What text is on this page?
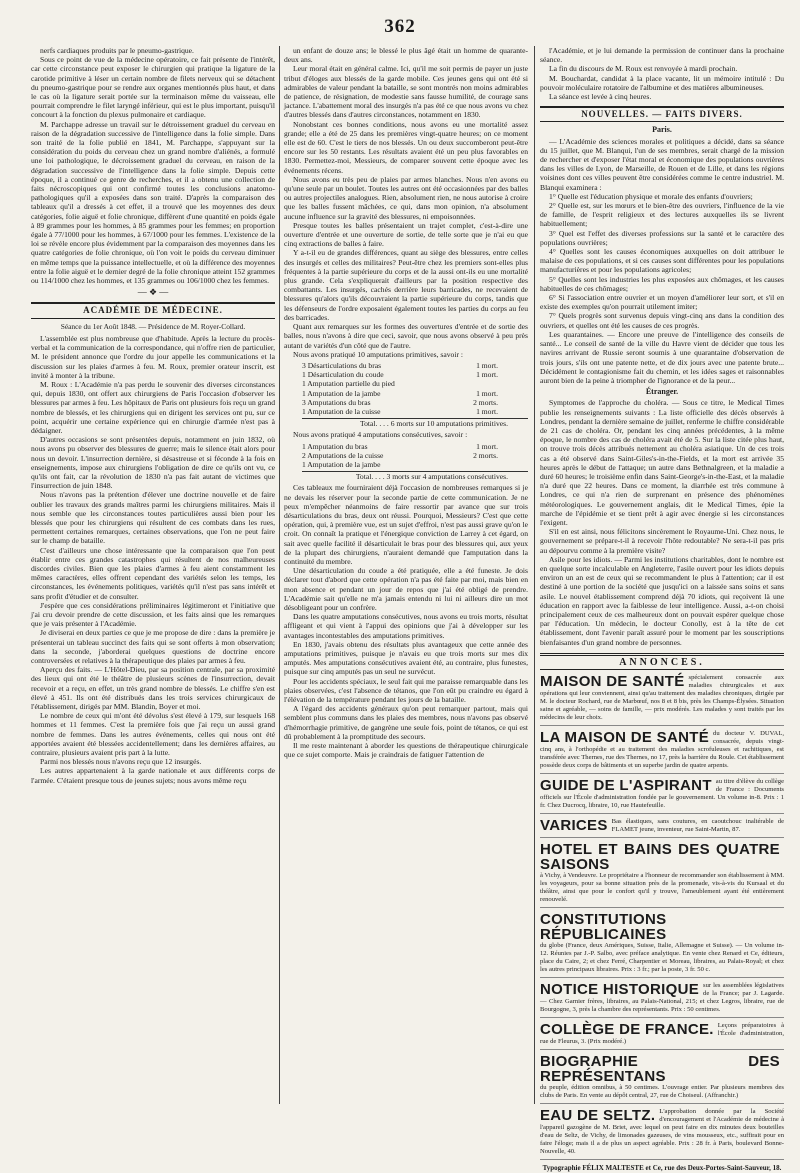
362

nerfs cardiaques produits par le pneumo-gastrique.

Sous ce point de vue de la médecine opératoire, ce fait présente de l'intérêt, car cette circonstance peut exposer le chirurgien qui pratique la ligature de la carotide primitive à léser un certain nombre de filets nerveux qui se détachent du pneumo-gastrique pour se rendre aux organes mentionnés plus haut, et dans le cas où la ligature serait portée sur la terminaison même du vaisseau, elle pourrait comprendre le filet laryngé inférieur, qui est le plus important, puisqu'il concourt à la fonction du plexus pulmonaire et cardiaque.

M. Parchappe adresse un travail sur le détroissement graduel du cerveau en raison de la dégradation successive de l'intelligence dans la folie simple. Dans son traité de la folie publié en 1841, M. Parchappe, s'appuyant sur la considération du poids du cerveau chez un grand nombre d'aliénés, a formulé une loi pathologique, le décroissement graduel du cerveau, en raison de la dégradation successive de l'intelligence dans la folie simple. Depuis cette époque, il a continué ce genre de recherches, et il a obtenu une collection de faits nécroscopiques qui ont confirmé toutes les conclusions anatomo-pathologiques qu'il a exposées dans son traité. D'après la comparaison des tableaux qu'il a dressés à cet effet, il a trouvé que les moyennes des deux catégories, folie aiguë et folie chronique, diffèrent d'une quantité en poids égale à 89 grammes pour les hommes, à 85 grammes pour les femmes; en proportion égale à 77/1000 pour les hommes, à 67/1000 pour les femmes. L'existence de la loi se révèle encore plus évidemment par la comparaison des moyennes dans les quatre catégories de folie chronique, où l'on voit le poids du cerveau diminuer en même temps que la puissance intellectuelle, et où la différence des moyennes entre la folie aiguë et le dernier degré de la folie chronique atteint 152 grammes ou 114/1000 chez les hommes, et 135 grammes ou 106/1000 chez les femmes.

— ❖ —
ACADÉMIE DE MÉDECINE.
Séance du 1er Août 1848. — Présidence de M. Royer-Collard.

L'assemblée est plus nombreuse que d'habitude. Après la lecture du procès-verbal et la communication de la correspondance, qui n'offre rien de particulier, M. le président annonce que l'ordre du jour appelle les communications et la discussion sur les plaies d'armes à feu. M. Roux, premier orateur inscrit, est invité à monter à la tribune.

M. Roux : L'Académie n'a pas perdu le souvenir des diverses circonstances qui, depuis 1830, ont offert aux chirurgiens de Paris l'occasion d'observer les blessures par armes à feu. Les hôpitaux de Paris ont plusieurs fois reçu un grand nombre de blessés, et les chirurgiens qui en dirigent les services ont pu, sur ce point, acquérir une certaine expérience qui en chirurgie d'armée n'est pas à dédaigner.

D'autres occasions se sont présentées depuis, notamment en juin 1832, où nous avons pu observer des blessures de guerre; mais le silence était alors pour nous un devoir. L'insurrection dernière, si désastreuse et si féconde à la fois en enseignements, impose aux chirurgiens l'obligation de dire ce qu'ils ont vu, ce qu'ils ont fait, car la révolution de 1830 n'a pas fait autant de victimes que l'insurrection de juin 1848.

Nous n'avons pas la prétention d'élever une doctrine nouvelle et de faire oublier les travaux des grands maîtres parmi les chirurgiens militaires. Mais il nous semble que les circonstances toutes particulières aussi bien pour les blessés que pour les chirurgiens qui résultent de ces combats dans les rues, permettent certaines remarques, certaines observations, que l'on ne peut faire sur le champ de bataille.

C'est d'ailleurs une chose intéressante que la comparaison que l'on peut établir entre ces grandes catastrophes qui résultent de nos malheureuses discordes civiles. Bien que les plaies d'armes à feu aient constamment les mêmes caractères, elles offrent cependant des variétés selon les temps, les circonstances, les événements politiques, variétés qu'il n'est pas sans intérêt et sans profit d'étudier et de consulter.

J'espère que ces considérations préliminaires légitimeront et l'initiative que j'ai cru devoir prendre de cette discussion, et les faits ainsi que les remarques que je vais présenter à l'Académie.

Je diviserai en deux parties ce que je me propose de dire : dans la première je présenterai un tableau succinct des faits qui se sont offerts à mon observation; dans la seconde, j'aborderai quelques questions de doctrine encore controversées et relatives à la thérapeutique des plaies par armes à feu.

Aperçu des faits. — L'Hôtel-Dieu, par sa position centrale, par sa proximité des lieux qui ont été le théâtre de plusieurs scènes de l'insurrection, devait recevoir et a reçu, en effet, un très grand nombre de blessés. Le chiffre s'en est élevé à 451. Ils ont été distribués dans les trois services chirurgicaux de l'établissement, dirigés par MM. Blandin, Boyer et moi.

Le nombre de ceux qui m'ont été dévolus s'est élevé à 179, sur lesquels 168 hommes et 11 femmes. C'est la première fois que j'ai reçu un aussi grand nombre de femmes. Dans les autres événements, celles qui nous ont été apportées avaient été blessées accidentellement; dans les dernières affaires, au contraire, plusieurs avaient pris part à la lutte.

Parmi nos blessés nous n'avons reçu que 12 insurgés.

Les autres appartenaient à la garde nationale et aux différents corps de l'armée. C'étaient presque tous de jeunes sujets; nous avons même reçu

un enfant de douze ans; le blessé le plus âgé était un homme de quarante-deux ans.

Leur moral était en général calme. Ici, qu'il me soit permis de payer un juste tribut d'éloges aux blessés de la garde mobile. Ces jeunes gens qui ont été si admirables de valeur pendant la bataille, se sont montrés non moins admirables de patience, de résignation, de modestie sans fausse humilité, de courage sans jactance. L'abattement moral des insurgés n'a pas été ce que nous avons vu chez d'autres blessés dans d'autres circonstances, notamment en 1830.

Nonobstant ces bonnes conditions, nous avons eu une mortalité assez grande; elle a été de 25 dans les premières vingt-quatre heures; on ce moment elle est de 60. C'est le tiers de nos blessés. Un ou deux succomberont peut-être encore sur les 50 restants. Les résultats avaient été un peu plus favorables en 1830. Permettez-moi, Messieurs, de comparer souvent cette époque avec les événements récens.

Nous avons eu très peu de plaies par armes blanches. Nous n'en avons eu qu'une seule par un boulet. Toutes les autres ont été occasionnées par des balles ou autres projectiles analogues. Rien, absolument rien, ne nous autorise à croire que les balles fussent mâchées, ce qui, dans mon opinion, n'a absolument aucune influence sur la gravité des blessures, ni empoisonnées.

Presque toutes les balles présentaient un trajet complet, c'est-à-dire une ouverture d'entrée et une ouverture de sortie, de telle sorte que je n'ai eu que cinq extractions de balles à faire.

Y a-t-il eu de grandes différences, quant au siège des blessures, entre celles des insurgés et celles des militaires? Peut-être chez les premiers sont-elles plus fréquentes à la partie supérieure du corps et de la aussi ont-ils eu une mortalité plus grande. Cela s'expliquerait d'ailleurs par la position respective des combattants. Les insurgés, cachés derrière leurs barricades, ne recevaient de blessures qu'alors qu'ils découvraient la partie supérieure du corps, tandis que les défenseurs de l'ordre exposaient également toutes les parties du corps au feu des barricades.

Quant aux remarques sur les formes des ouvertures d'entrée et de sortie des balles, nous n'avons à dire que ceci, savoir, que nous avons observé à peu près autant de variétés d'un côté que de l'autre.

Nous avons pratiqué 10 amputations primitives, savoir :

3 Désarticulations du bras	1 mort.
1 Désarticulation du coude	1 mort.
1 Amputation partielle du pied
1 Amputation de la jambe	1 mort.
3 Amputations du bras	2 morts.
1 Amputation de la cuisse	1 mort.
Total. . . . 6 morts sur 10 amputations primitives.

Nous avons pratiqué 4 amputations consécutives, savoir :

1 Amputation du bras	1 mort.
2 Amputations de la cuisse	2 morts.
1 Amputation de la jambe
Total. . . . 3 morts sur 4 amputations consécutives.

Ces tableaux me fourniraient déjà l'occasion de nombreuses remarques si je ne devais les réserver pour la seconde partie de cette communication. Je ne peux m'empêcher néanmoins de faire ressortir par avance que sur trois désarticulations du bras, deux ont réussi. Pourquoi, Messieurs? C'est que cette opération, qui, à première vue, est un sujet d'effroi, n'est pas aussi grave qu'on le croit. On connaît la pratique et l'énergique conviction de Larrey à cet égard, on sait avec quelle facilité il désarticulait le bras pour des blessures qui, aux yeux de la plupart des chirurgiens, n'auraient demandé que l'amputation dans la continuité du membre.

Une désarticulation du coude a été pratiquée, elle a été funeste. Je dois déclarer tout d'abord que cette opération n'a pas été faite par moi, mais bien en mon absence et pendant un jour de repos que j'ai été obligé de prendre. L'Académie sait qu'elle ne m'a jamais entendu ni lui ni ailleurs dire un mot désobligeant pour un confrère.

Dans les quatre amputations consécutives, nous avons eu trois morts, résultat affligeant et qui vient à l'appui des opinions que j'ai à développer sur les avantages incontestables des amputations primitives.

En 1830, j'avais obtenu des résultats plus avantageux que cette année des amputations primitives, puisque je n'avais eu que trois morts sur mes dix amputés. Mes amputations consécutives avaient été, au contraire, plus funestes, puisque sur cinq amputés pas un seul ne survécut.

Pour les accidents spéciaux, le seul fait qui me paraisse remarquable dans les plaies observées, c'est l'absence de tétanos, que l'on eût pu craindre eu égard à l'élévation de la température pendant les jours de la bataille.

A l'égard des accidents généraux qu'on peut remarquer partout, mais qui semblent plus communs dans les plaies des membres, nous n'avons pas observé d'hémorrhagie primitive, de gangrène une seule fois, point de tétanos, ce qui est dû probablement à la promptitude des secours.

Il me reste maintenant à aborder les questions de thérapeutique chirurgicale que ce sujet comporte. Mais je craindrais de fatiguer l'attention de

l'Académie, et je lui demande la permission de continuer dans la prochaine séance.

La fin du discours de M. Roux est renvoyée à mardi prochain.

M. Bouchardat, candidat à la place vacante, lit un mémoire intitulé : Du pouvoir moléculaire rotatoire de l'albumine et des matières albumineuses.

La séance est levée à cinq heures.

NOUVELLES. — FAITS DIVERS.
Paris.

— L'Académie des sciences morales et politiques a décidé, dans sa séance du 15 juillet, que M. Blanqui, l'un de ses membres, serait chargé de la mission de rechercher et d'exposer l'état moral et économique des populations ouvrières dans les villes de Lyon, de Marseille, de Rouen et de Lille, et dans les régions voisines dont ces villes peuvent être considérées comme le centre industriel. M. Blanqui examinera :

1° Quelle est l'éducation physique et morale des enfants d'ouvriers;

2° Quelle est, sur les mœurs et le bien-être des ouvriers, l'influence de la vie de famille, de l'esprit religieux et des lectures auxquelles ils se livrent habituellement;

3° Quel est l'effet des diverses professions sur la santé et le caractère des populations ouvrières;

4° Quelles sont les causes économiques auxquelles on doit attribuer le malaise de ces populations, et si ces causes sont différentes pour les populations manufacturières et pour les populations agricoles;

5° Quelles sont les industries les plus exposées aux chômages, et les causes habituelles de ces chômages;

6° Si l'association entre ouvrier et un moyen d'améliorer leur sort, et s'il en existe des exemples qu'on pourrait utilement imiter;

7° Quels progrès sont survenus depuis vingt-cinq ans dans la condition des ouvriers, et quelles ont été les causes de ces progrès.

Les quarantaines. — Encore une preuve de l'intelligence des conseils de santé... Le conseil de santé de la ville du Havre vient de décider que tous les navires arrivant de Russie seront soumis à une quarantaine d'observation de trois jours, s'ils ont une patente nette, et de dix jours avec une patente brute... Décidément le contagionisme fait du chemin, et les idées sages et raisonnables auront bien de la peine à triompher de l'ignorance et de la peur...

Étranger.

Symptomes de l'approche du choléra. — Sous ce titre, le Medical Times publie les renseignements suivants : La liste officielle des décès observés à Londres, pendant la dernière semaine de juillet, renferme le chiffre considérable de 21 cas de choléra. Or, pendant les cinq années précédentes, à la même époque, le nombre des cas de choléra avait été de 5. Sur la liste citée plus haut, on trouve trois décès attribués nettement au choléra asiatique. Un de ces trois cas a été observé dans Saint-Giles's-in-the-Fields, et la mort est arrivée 35 heures après le début de l'attaque; un autre dans Bethnalgreen, et la maladie a duré 60 heures; le troisième enfin dans Saint-George's-in-the-East, et la maladie n'a duré que 22 heures. Dans ce moment, la diarrhée est très commune à Londres, ce qui n'a rien de surprenant en présence des phénomènes météorologiques. Le gouvernement anglais, dit le Medical Times, épie la marche de l'épidémie et se tient prêt à agir avec énergie si les circonstances l'exigent.

S'il en est ainsi, nous félicitons sincèrement le Royaume-Uni. Chez nous, le gouvernement se prépare-t-il à recevoir l'hôte redoutable? Ne sera-t-il pas pris au dépourvu comme à la première visite?

Asile pour les idiots. — Parmi les institutions charitables, dont le nombre est en quelque sorte incalculable en Angleterre, l'asile ouvert pour les idiots depuis environ un an est de ceux qui se recommandent le plus à l'attention; car il est destiné à une portion de la société que jusqu'ici on a laissée sans soins et sans asile. Le nouvel établissement comprend déjà 70 idiots, qui reçoivent là une éducation en rapport avec la faiblesse de leur intelligence. Aussi, a-t-on choisi principalement ceux de ces malheureux dont on pouvait espérer quelque chose par l'éducation. Un médecin, le docteur Conolly, est à la tête de cet établissement, dont l'avenir paraît assuré pour le moment par les souscriptions bienfaisantes d'un grand nombre de personnes.

ANNONCES.
MAISON DE SANTÉ spécialement consacrée aux maladies chirurgicales et aux opérations qui leur conviennent, ainsi qu'au traitement des maladies chroniques, dirigée par M. le docteur Rochard, rue de Marbœuf, nos 8 et 8 bis, près les Champs-Élysées. Situation saine et agréable, — soins de famille, — prix modérés. Les malades y sont traités par les médecins de leur choix.
LA MAISON DE SANTÉ du docteur V. DUVAL, consacrée, depuis vingt-cinq ans, à l'orthopédie et au traitement des maladies scrofuleuses et rachitiques, est transférée avec Thernes, rue des Thernes, no 17, près la barrière du Roule. Cet établissement possède deux corps de bâtiments et un superbe jardin de quatre arpents.
GUIDE DE L'ASPIRANT au titre d'élève du collège de France : Documents officiels sur l'École d'administration fondée par le gouvernement. Un volume in-8. Prix : 1 fr. Chez Ducrocq, libraire, 10, rue Hautefeuille.
VARICES Bas élastiques, sans coutures, en caoutchouc inaltérable de FLAMET jeune, inventeur, rue Saint-Martin, 87.
HOTEL ET BAINS DES QUATRE SAISONS
à Vichy, à Vendeuvre. Le propriétaire a l'honneur de recommander son établissement à MM. les voyageurs, pour sa bonne situation près de la promenade, vis-à-vis du Kursaal et du théâtre, ainsi que pour le confort qu'il y trouve, l'ameublement ayant été entièrement renouvelé.
CONSTITUTIONS RÉPUBLICAINES
du globe (France, deux Amériques, Suisse, Italie, Allemagne et Suisse). — Un volume in-12. Réunies par J.-P. Salbo, avec préface analytique. En vente chez Renard et Ce, éditeurs, place du Caire, 2; et chez Ferré, Charpentier et Moreau, libraires, au Palais-Royal; et chez les autres principaux libraires. Prix : 3 fr.; par la poste, 3 fr. 50 c.
NOTICE HISTORIQUE sur les assemblées législatives de la France; par J. Lagarde. — Chez Garnier frères, libraires, au Palais-National, 215; et chez Legros, libraire, rue de Bourgogne, 3, près la chambre des représentants. Prix : 50 centimes.
COLLÈGE DE FRANCE. Leçons préparatoires à l'École d'administration, rue de Fleurus, 3. (Prix modéré.)
BIOGRAPHIE DES REPRÉSENTANS
du peuple, édition omnibus, à 50 centimes. L'ouvrage entier. Par plusieurs membres des clubs de Paris. En vente au dépôt central, 27, rue de Choiseul. (Affranchir.)
EAU DE SELTZ. L'approbation donnée par la Société d'encouragement et l'Académie de médecine à l'appareil gazogène de M. Briet, avec lequel on peut faire en dix minutes deux bouteilles d'eau de Seltz, de Vichy, de limonades gazeuses, de vins mousseux, etc., suffirait pour en faire l'éloge; mais il a de plus un aspect agréable. Prix : 28 fr. à Paris, boulevard Bonne-Nouvelle, 40.
Typographie FÉLIX MALTESTE et Ce, rue des Deux-Portes-Saint-Sauveur, 18.
